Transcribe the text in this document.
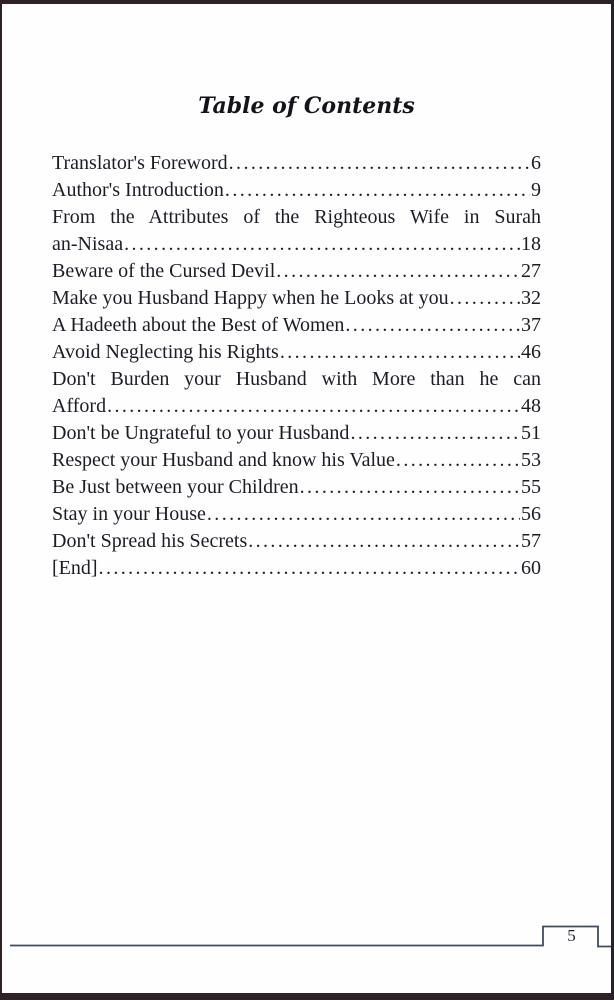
Table of Contents
Translator's Foreword .....	6
Author's Introduction .....	9
From the Attributes of the Righteous Wife in Surah
an-Nisaa .....	18
Beware of the Cursed Devil .....	27
Make you Husband Happy when he Looks at you .....	32
A Hadeeth about the Best of Women .....	37
Avoid Neglecting his Rights .....	46
Don't Burden your Husband with More than he can
Afford .....	48
Don't be Ungrateful to your Husband .....	51
Respect your Husband and know his Value .....	53
Be Just between your Children .....	55
Stay in your House .....	56
Don't Spread his Secrets .....	57
[End] .....	60
5
